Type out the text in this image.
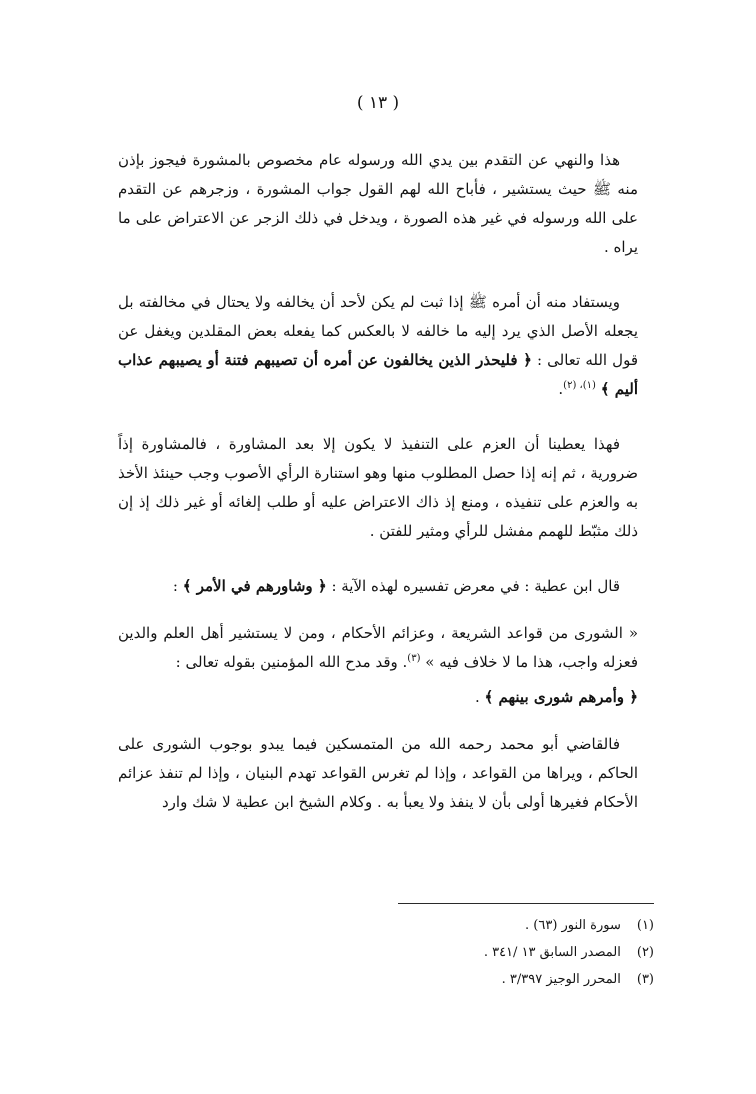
( ١٣ )

هذا والنهي عن التقدم بين يدي الله ورسوله عام مخصوص بالمشورة فيجوز بإذن منه ﷺ حيث يستشير ، فأباح الله لهم القول جواب المشورة ، وزجرهم عن التقدم على الله ورسوله في غير هذه الصورة ، ويدخل في ذلك الزجر عن الاعتراض على ما يراه .

ويستفاد منه أن أمره ﷺ إذا ثبت لم يكن لأحد أن يخالفه ولا يحتال في مخالفته بل يجعله الأصل الذي يرد إليه ما خالفه لا بالعكس كما يفعله بعض المقلدين ويغفل عن قول الله تعالى : ﴿ فليحذر الذين يخالفون عن أمره أن تصيبهم فتنة أو يصيبهم عذاب أليم ﴾ $^{(١)، (٢)}$.

فهذا يعطينا أن العزم على التنفيذ لا يكون إلا بعد المشاورة ، فالمشاورة إذاً ضرورية ، ثم إنه إذا حصل المطلوب منها وهو استنارة الرأي الأصوب وجب حينئذ الأخذ به والعزم على تنفيذه ، ومنع إذ ذاك الاعتراض عليه أو طلب إلغائه أو غير ذلك إذ إن ذلك مثبّط للهمم مفشل للرأي ومثير للفتن .

قال ابن عطية : في معرض تفسيره لهذه الآية : ﴿ وشاورهم في الأمر ﴾ :

« الشورى من قواعد الشريعة ، وعزائم الأحكام ، ومن لا يستشير أهل العلم والدين فعزله واجب، هذا ما لا خلاف فيه » $^{(٣)}$. وقد مدح الله المؤمنين بقوله تعالى :

﴿ وأمرهم شورى بينهم ﴾ .

فالقاضي أبو محمد رحمه الله من المتمسكين فيما يبدو بوجوب الشورى على الحاكم ، ويراها من القواعد ، وإذا لم تغرس القواعد تهدم البنيان ، وإذا لم تنفذ عزائم الأحكام فغيرها أولى بأن لا ينفذ ولا يعبأ به . وكلام الشيخ ابن عطية لا شك وارد

(١)
سورة النور (٦٣) .
(٢)
المصدر السابق ١٣ /٣٤١ .
(٣)
المحرر الوجيز ٣/٣٩٧ .
